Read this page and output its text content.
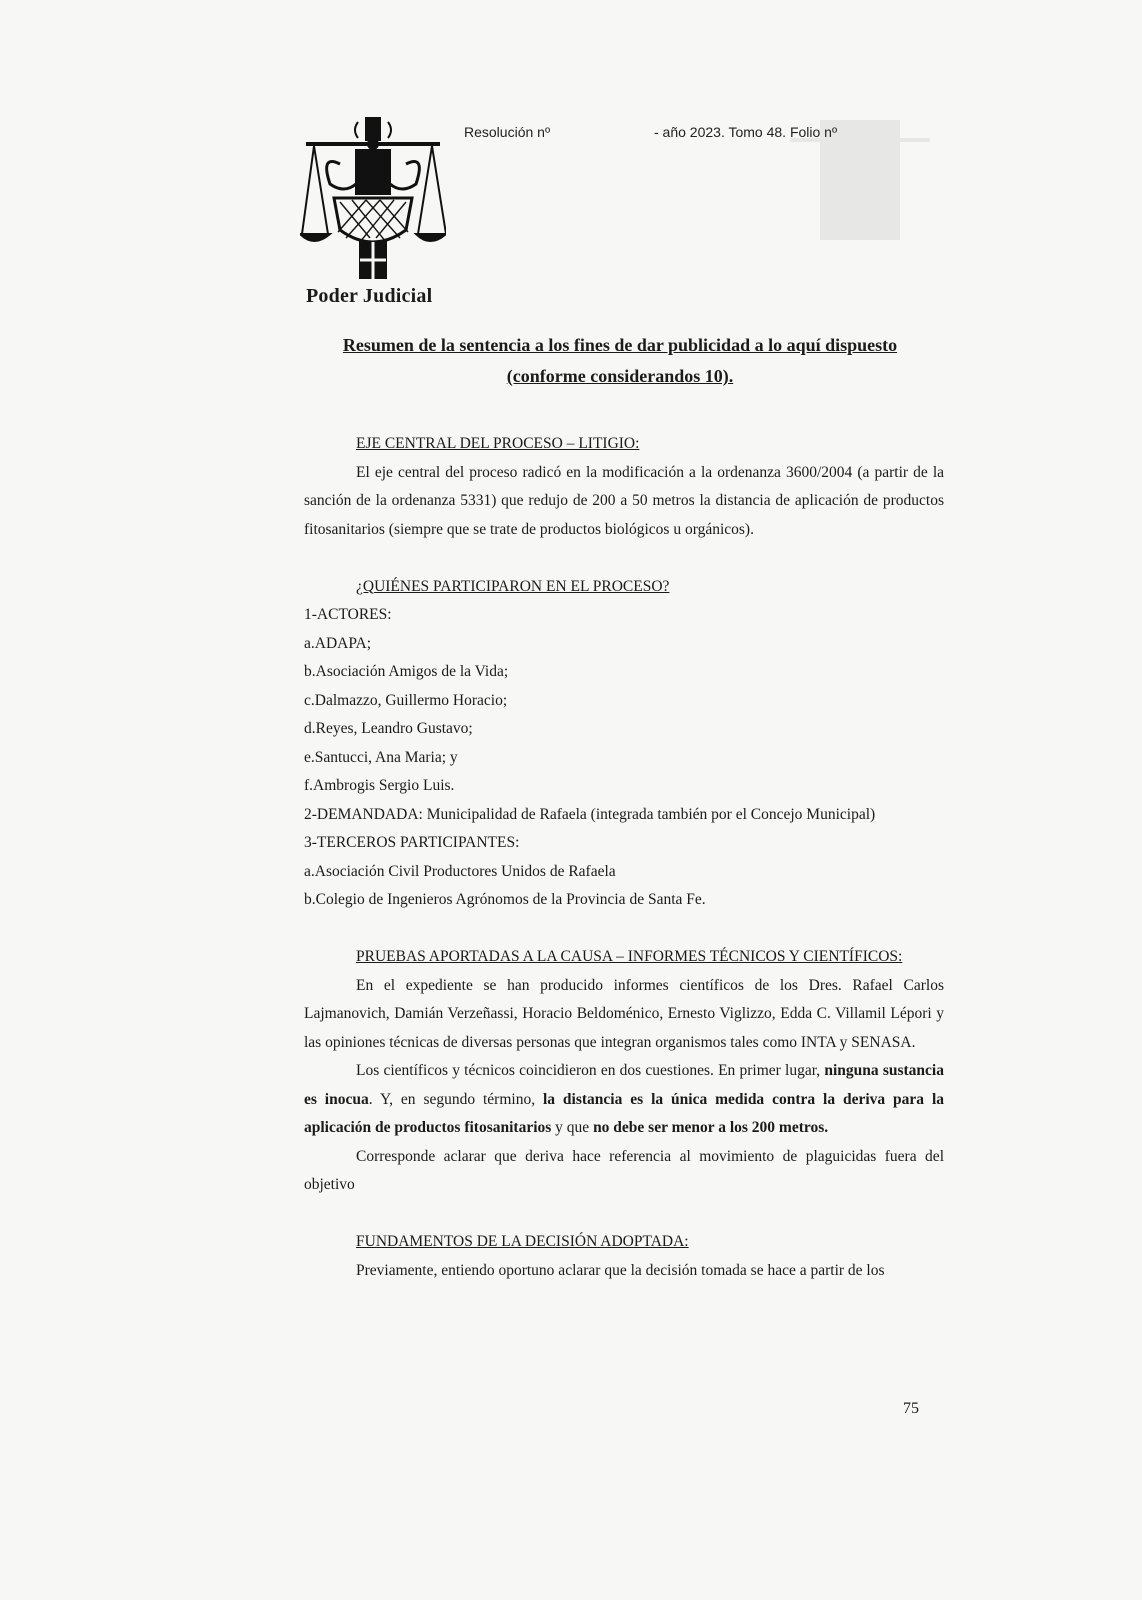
Poder Judicial
Resolución nº	- año 2023. Tomo 48. Folio nº
Resumen de la sentencia a los fines de dar publicidad a lo aquí dispuesto
(conforme considerandos 10).

EJE CENTRAL DEL PROCESO – LITIGIO:

El eje central del proceso radicó en la modificación a la ordenanza 3600/2004 (a partir de la sanción de la ordenanza 5331) que redujo de 200 a 50 metros la distancia de aplicación de productos fitosanitarios (siempre que se trate de productos biológicos u orgánicos).

¿QUIÉNES PARTICIPARON EN EL PROCESO?

1-ACTORES:

a.ADAPA;

b.Asociación Amigos de la Vida;

c.Dalmazzo, Guillermo Horacio;

d.Reyes, Leandro Gustavo;

e.Santucci, Ana Maria; y

f.Ambrogis Sergio Luis.

2-DEMANDADA: Municipalidad de Rafaela (integrada también por el Concejo Municipal)

3-TERCEROS PARTICIPANTES:

a.Asociación Civil Productores Unidos de Rafaela

b.Colegio de Ingenieros Agrónomos de la Provincia de Santa Fe.

PRUEBAS APORTADAS A LA CAUSA – INFORMES TÉCNICOS Y CIENTÍFICOS:

En el expediente se han producido informes científicos de los Dres. Rafael Carlos Lajmanovich, Damián Verzeñassi, Horacio Beldoménico, Ernesto Viglizzo, Edda C. Villamil Lépori y las opiniones técnicas de diversas personas que integran organismos tales como INTA y SENASA.

Los científicos y técnicos coincidieron en dos cuestiones. En primer lugar, ninguna sustancia es inocua. Y, en segundo término, la distancia es la única medida contra la deriva para la aplicación de productos fitosanitarios y que no debe ser menor a los 200 metros.

Corresponde aclarar que deriva hace referencia al movimiento de plaguicidas fuera del objetivo

FUNDAMENTOS DE LA DECISIÓN ADOPTADA:

Previamente, entiendo oportuno aclarar que la decisión tomada se hace a partir de los

75
